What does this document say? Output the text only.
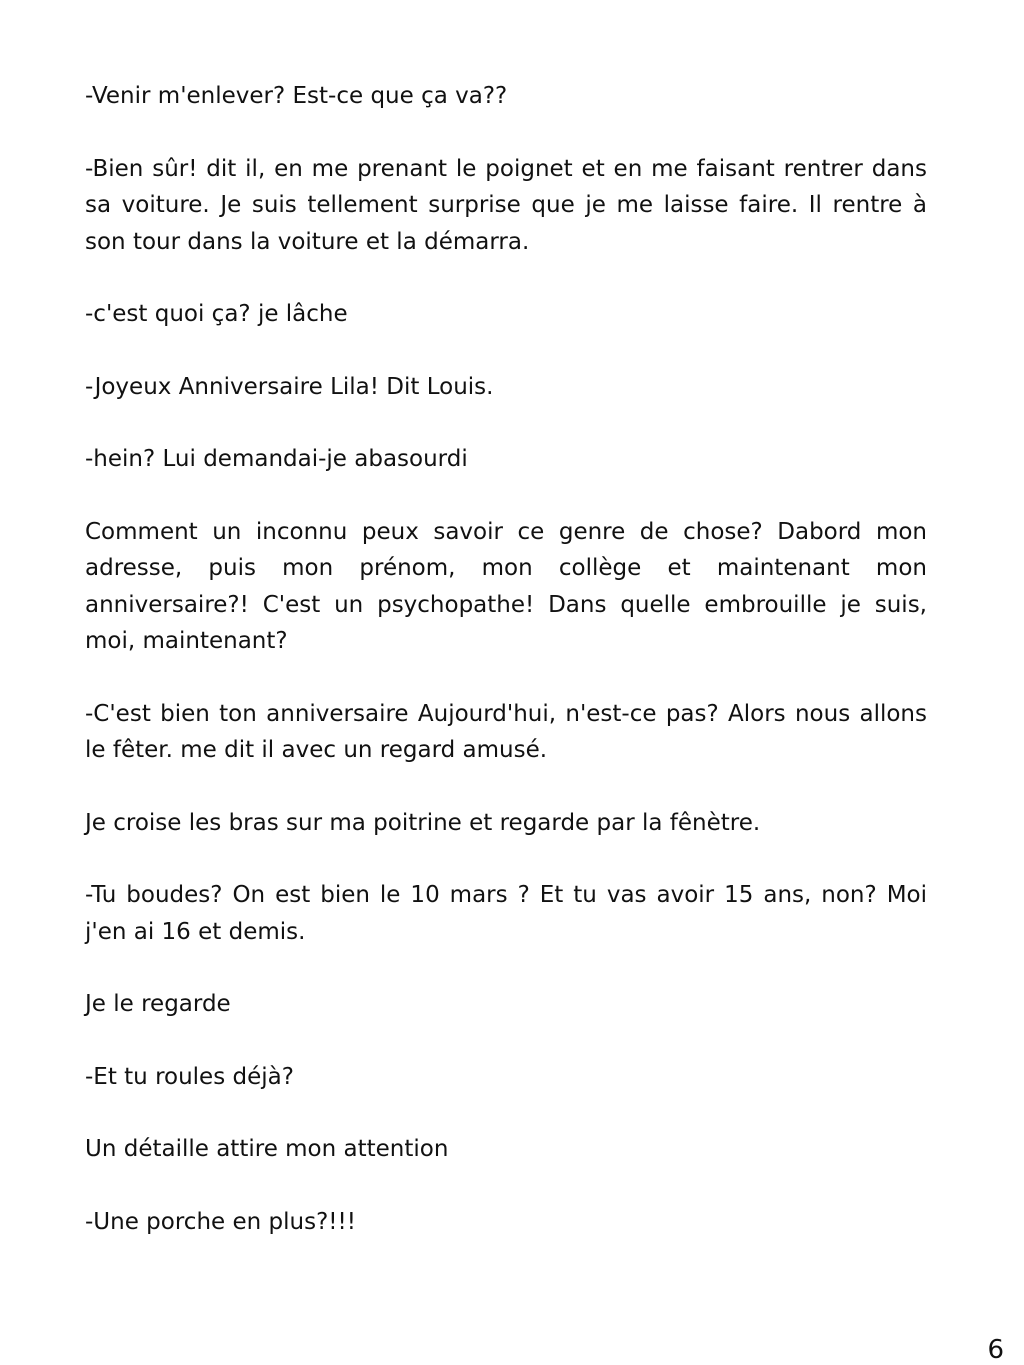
-Venir m'enlever? Est-ce que ça va??

-Bien sûr! dit il, en me prenant le poignet et en me faisant rentrer dans sa voiture. Je suis tellement surprise que je me laisse faire. Il rentre à son tour dans la voiture et la démarra.

-c'est quoi ça? je lâche

-Joyeux Anniversaire Lila! Dit Louis.

-hein? Lui demandai-je abasourdi

Comment un inconnu peux savoir ce genre de chose? Dabord mon adresse, puis mon prénom, mon collège et maintenant mon anniversaire?! C'est un psychopathe! Dans quelle embrouille je suis, moi, maintenant?

-C'est bien ton anniversaire Aujourd'hui, n'est-ce pas? Alors nous allons le fêter. me dit il avec un regard amusé.

Je croise les bras sur ma poitrine et regarde par la fênètre.

-Tu boudes? On est bien le 10 mars ? Et tu vas avoir 15 ans, non? Moi j'en ai 16 et demis.

Je le regarde

-Et tu roules déjà?

Un détaille attire mon attention

-Une porche en plus?!!!

6
